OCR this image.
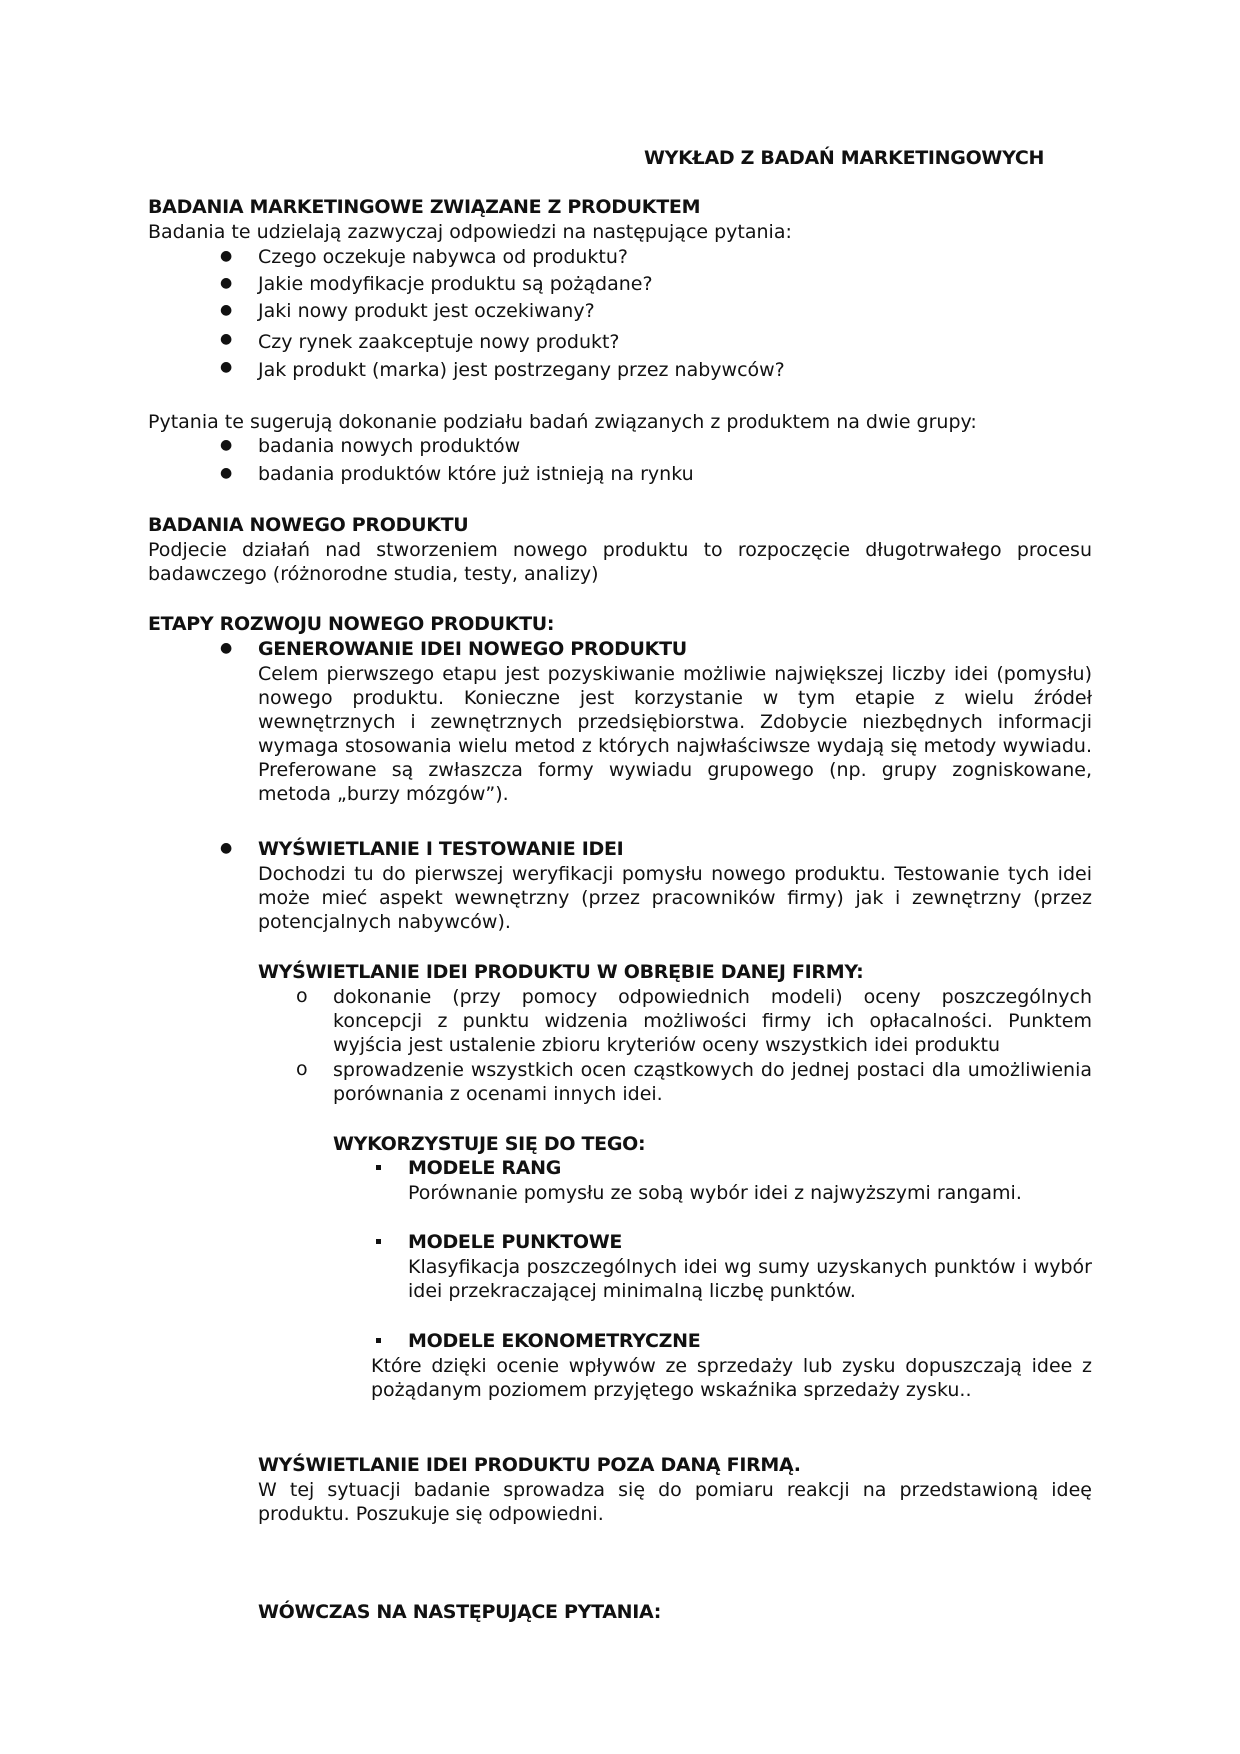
WYKŁAD Z BADAŃ MARKETINGOWYCH
BADANIA MARKETINGOWE ZWIĄZANE Z PRODUKTEM
Badania te udzielają zazwyczaj odpowiedzi na następujące pytania:
● Czego oczekuje nabywca od produktu?
● Jakie modyfikacje produktu są pożądane?
● Jaki nowy produkt jest oczekiwany?
● Czy rynek zaakceptuje nowy produkt?
● Jak produkt (marka) jest postrzegany przez nabywców?
Pytania te sugerują dokonanie podziału badań związanych z produktem na dwie grupy:
● badania nowych produktów
● badania produktów które już istnieją na rynku
BADANIA NOWEGO PRODUKTU
Podjecie działań nad stworzeniem nowego produktu to rozpoczęcie długotrwałego procesu badawczego (różnorodne studia, testy, analizy)
ETAPY ROZWOJU NOWEGO PRODUKTU:
● GENEROWANIE IDEI NOWEGO PRODUKTU
Celem pierwszego etapu jest pozyskiwanie możliwie największej liczby idei (pomysłu) nowego produktu. Konieczne jest korzystanie w tym etapie z wielu źródeł wewnętrznych i zewnętrznych przedsiębiorstwa. Zdobycie niezbędnych informacji wymaga stosowania wielu metod z których najwłaściwsze wydają się metody wywiadu. Preferowane są zwłaszcza formy wywiadu grupowego (np. grupy zogniskowane, metoda „burzy mózgów”).
● WYŚWIETLANIE I TESTOWANIE IDEI
Dochodzi tu do pierwszej weryfikacji pomysłu nowego produktu. Testowanie tych idei może mieć aspekt wewnętrzny (przez pracowników firmy) jak i zewnętrzny (przez potencjalnych nabywców).
WYŚWIETLANIE IDEI PRODUKTU W OBRĘBIE DANEJ FIRMY:
o dokonanie (przy pomocy odpowiednich modeli) oceny poszczególnych koncepcji z punktu widzenia możliwości firmy ich opłacalności. Punktem wyjścia jest ustalenie zbioru kryteriów oceny wszystkich idei produktu
o sprowadzenie wszystkich ocen cząstkowych do jednej postaci dla umożliwienia porównania z ocenami innych idei.
WYKORZYSTUJE SIĘ DO TEGO:
MODELE RANG
Porównanie pomysłu ze sobą wybór idei z najwyższymi rangami.
MODELE PUNKTOWE
Klasyfikacja poszczególnych idei wg sumy uzyskanych punktów i wybór idei przekraczającej minimalną liczbę punktów.
MODELE EKONOMETRYCZNE
Które dzięki ocenie wpływów ze sprzedaży lub zysku dopuszczają idee z pożądanym poziomem przyjętego wskaźnika sprzedaży zysku..
WYŚWIETLANIE IDEI PRODUKTU POZA DANĄ FIRMĄ.
W tej sytuacji badanie sprowadza się do pomiaru reakcji na przedstawioną ideę produktu. Poszukuje się odpowiedni.
WÓWCZAS NA NASTĘPUJĄCE PYTANIA:
